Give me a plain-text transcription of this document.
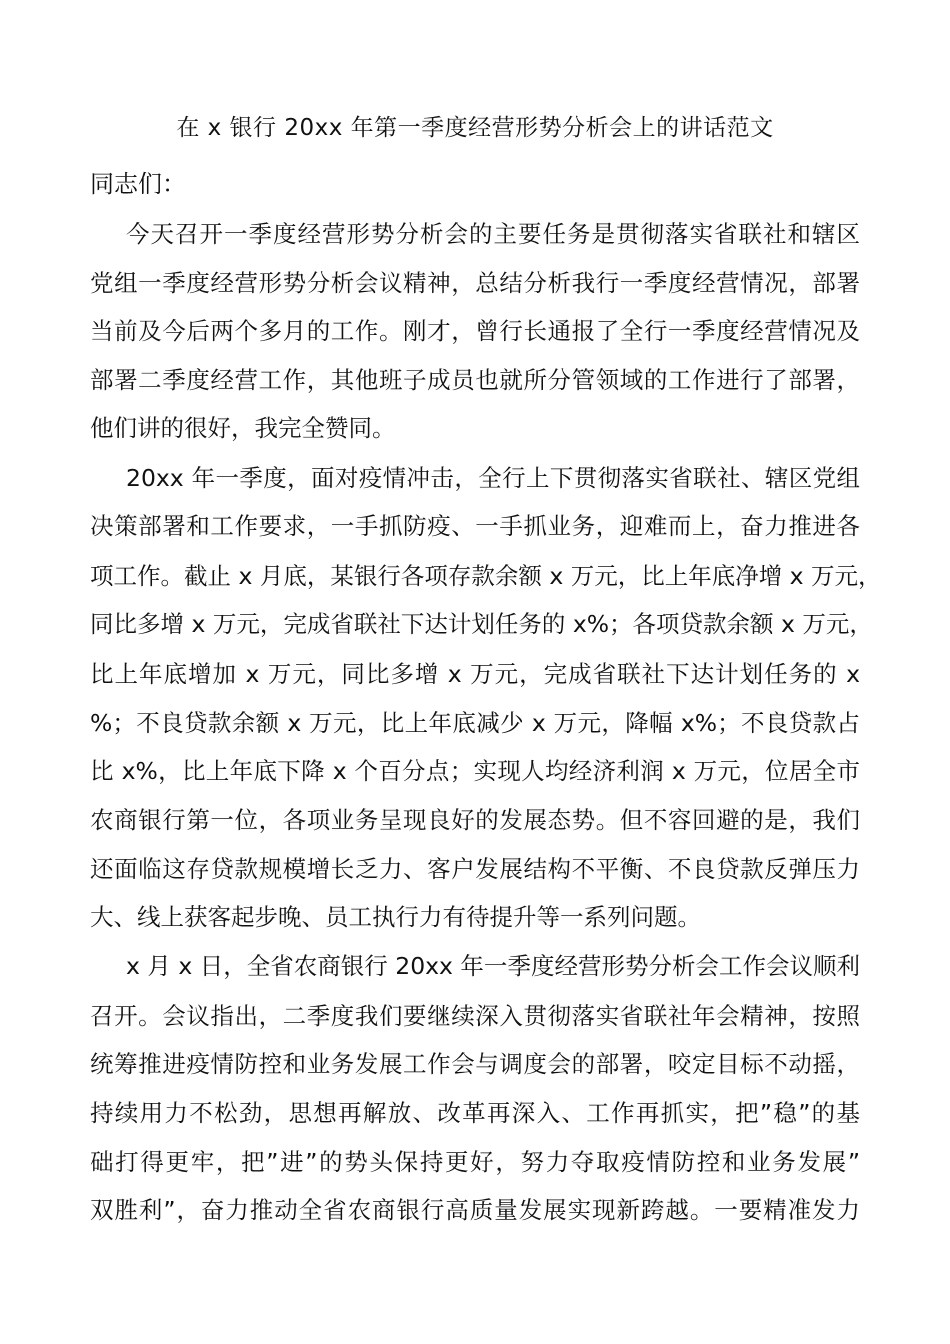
在 x 银行 20xx 年第一季度经营形势分析会上的讲话范文
同志们：
今天召开一季度经营形势分析会的主要任务是贯彻落实省联社和辖区
党组一季度经营形势分析会议精神，总结分析我行一季度经营情况，部署
当前及今后两个多月的工作。刚才，曾行长通报了全行一季度经营情况及
部署二季度经营工作，其他班子成员也就所分管领域的工作进行了部署，
他们讲的很好，我完全赞同。
20xx 年一季度，面对疫情冲击，全行上下贯彻落实省联社、辖区党组
决策部署和工作要求，一手抓防疫、一手抓业务，迎难而上，奋力推进各
项工作。截止 x 月底，某银行各项存款余额 x 万元，比上年底净增 x 万元，
同比多增 x 万元，完成省联社下达计划任务的 x%；各项贷款余额 x 万元，
比上年底增加 x 万元，同比多增 x 万元，完成省联社下达计划任务的 x
%；不良贷款余额 x 万元，比上年底减少 x 万元，降幅 x%；不良贷款占
比 x%，比上年底下降 x 个百分点；实现人均经济利润 x 万元，位居全市
农商银行第一位，各项业务呈现良好的发展态势。但不容回避的是，我们
还面临这存贷款规模增长乏力、客户发展结构不平衡、不良贷款反弹压力
大、线上获客起步晚、员工执行力有待提升等一系列问题。
x 月 x 日，全省农商银行 20xx 年一季度经营形势分析会工作会议顺利
召开。会议指出，二季度我们要继续深入贯彻落实省联社年会精神，按照
统筹推进疫情防控和业务发展工作会与调度会的部署，咬定目标不动摇，
持续用力不松劲，思想再解放、改革再深入、工作再抓实，把”稳”的基
础打得更牢，把”进”的势头保持更好，努力夺取疫情防控和业务发展”
双胜利”，奋力推动全省农商银行高质量发展实现新跨越。一要精准发力
